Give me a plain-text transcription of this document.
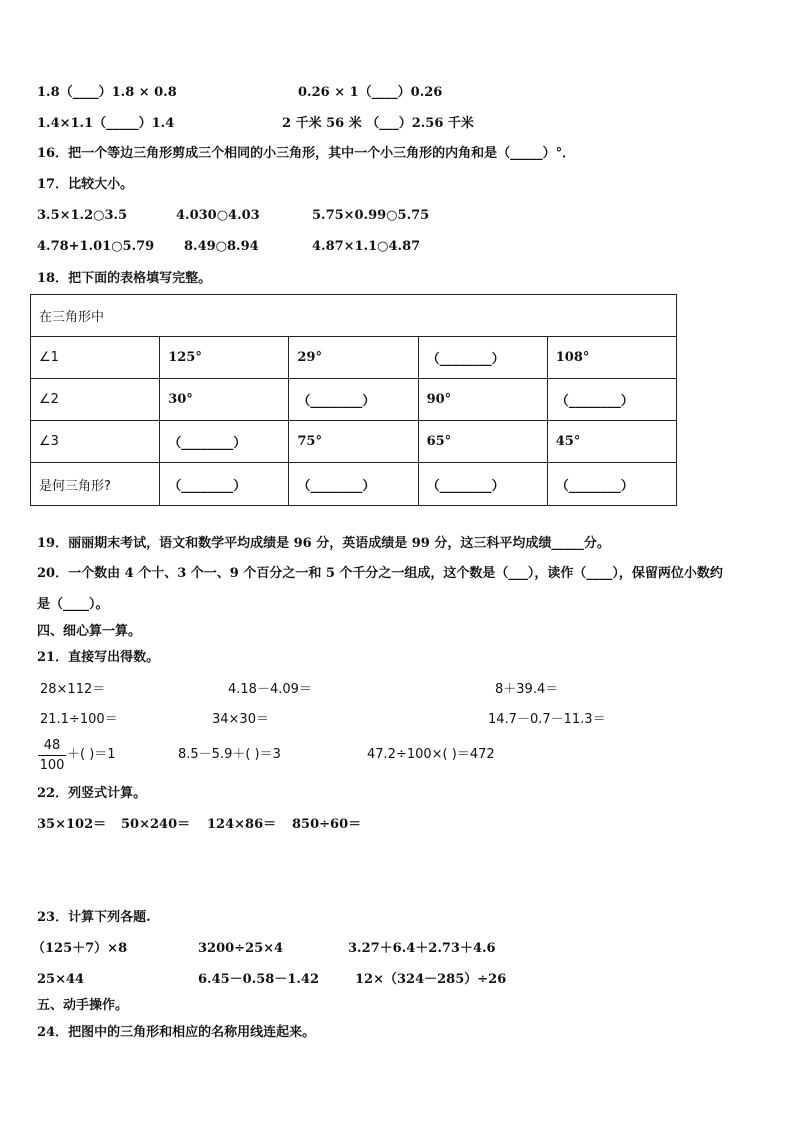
1.8（____）1.8 × 0.8	0.26 × 1（____）0.26
1.4×1.1（_____）1.4	2 千米 56 米 （___）2.56 千米
16．把一个等边三角形剪成三个相同的小三角形，其中一个小三角形的内角和是（_____）°．
17．比较大小。
3.5×1.2○3.5	4.030○4.03	5.75×0.99○5.75
4.78+1.01○5.79 8.49○8.94	4.87×1.1○4.87
18．把下面的表格填写完整。
在三角形中				
∠1	125°	29°	（________）	108°
∠2	30°	（________）	90°	（________）
∠3	（________）	75°	65°	45°
是何三角形?	（________）	（________）	（________）	（________）
19．丽丽期末考试，语文和数学平均成绩是 96 分，英语成绩是 99 分，这三科平均成绩_____分。
20．一个数由 4 个十、3 个一、9 个百分之一和 5 个千分之一组成，这个数是（___），读作（____），保留两位小数约
是（____）。
四、细心算一算。
21．直接写出得数。
28×112＝	4.18－4.09＝	8＋39.4＝
21.1÷100＝	34×30＝	14.7－0.7－11.3＝
48
100
＋( )＝1	8.5－5.9＋( )＝3	47.2÷100×( )＝472
22．列竖式计算。
35×102＝ 50×240＝ 124×86＝ 850÷60＝
23．计算下列各题.
（125＋7）×8	3200÷25×4	3.27＋6.4＋2.73＋4.6
25×44	6.45－0.58－1.42	12×（324－285）÷26
五、动手操作。
24．把图中的三角形和相应的名称用线连起来。
